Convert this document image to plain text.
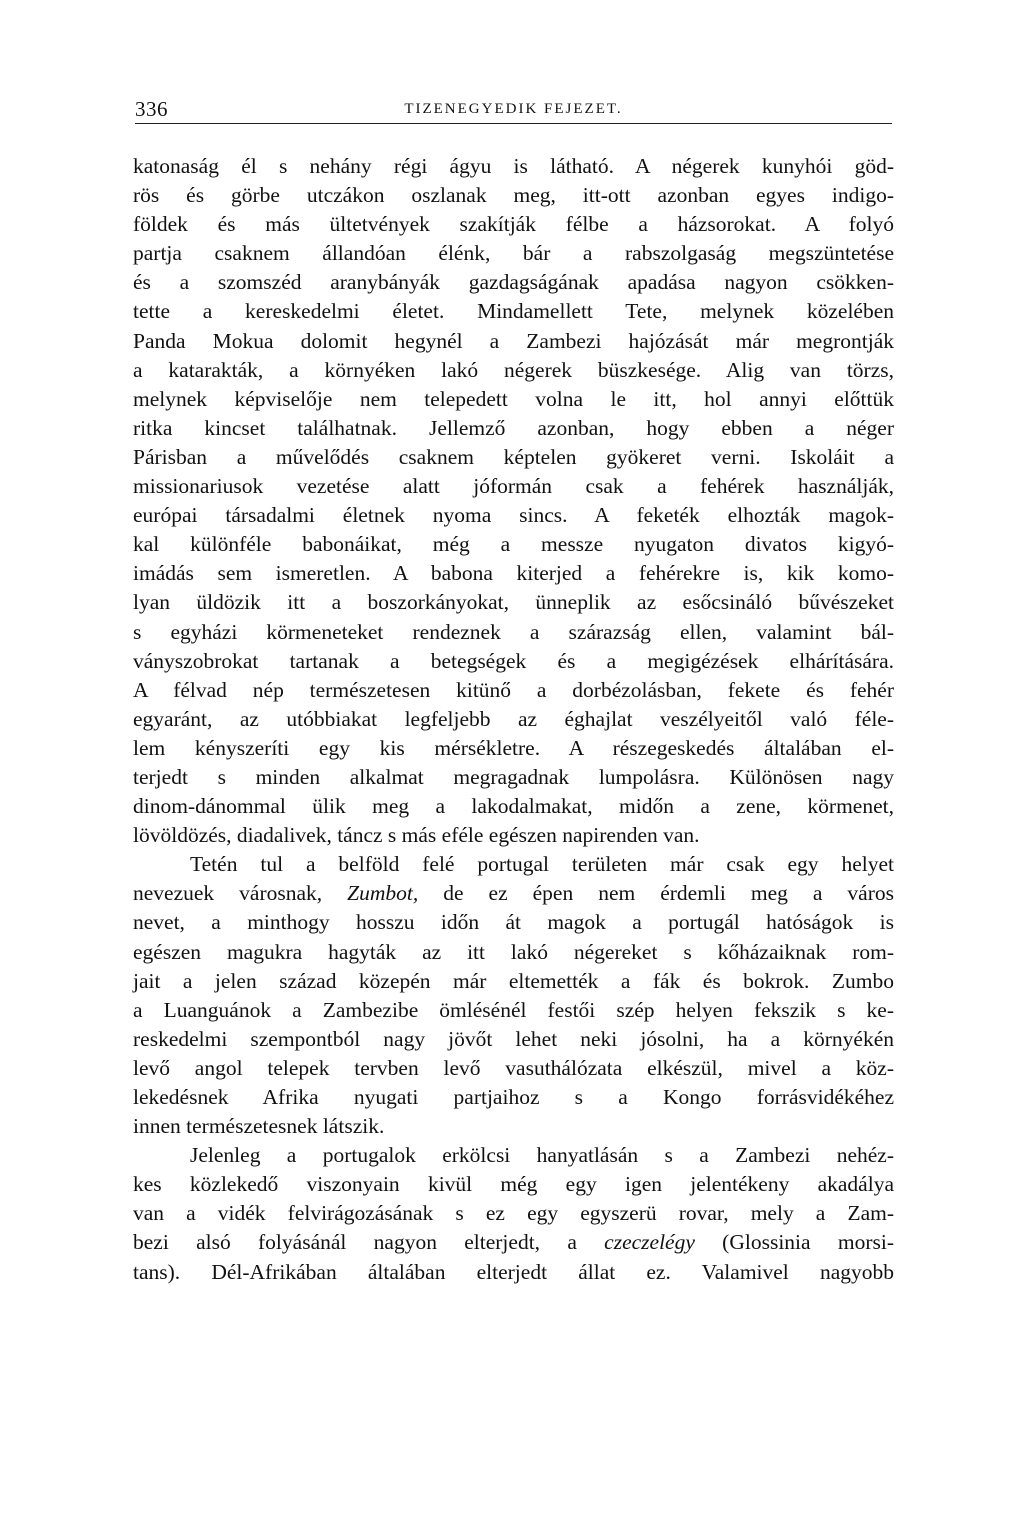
336	TIZENEGYEDIK FEJEZET.
katonaság él s nehány régi ágyu is látható. A négerek kunyhói göd-
rös és görbe utczákon oszlanak meg, itt-ott azonban egyes indigo-
földek és más ültetvények szakítják félbe a házsorokat. A folyó
partja csaknem állandóan élénk, bár a rabszolgaság megszüntetése
és a szomszéd aranybányák gazdagságának apadása nagyon csökken-
tette a kereskedelmi életet. Mindamellett Tete, melynek közelében
Panda Mokua dolomit hegynél a Zambezi hajózását már megrontják
a katarakták, a környéken lakó négerek büszkesége. Alig van törzs,
melynek képviselője nem telepedett volna le itt, hol annyi előttük
ritka kincset találhatnak. Jellemző azonban, hogy ebben a néger
Párisban a művelődés csaknem képtelen gyökeret verni. Iskoláit a
missionariusok vezetése alatt jóformán csak a fehérek használják,
európai társadalmi életnek nyoma sincs. A feketék elhozták magok-
kal különféle babonáikat, még a messze nyugaton divatos kigyó-
imádás sem ismeretlen. A babona kiterjed a fehérekre is, kik komo-
lyan üldözik itt a boszorkányokat, ünneplik az esőcsináló bűvészeket
s egyházi körmeneteket rendeznek a szárazság ellen, valamint bál-
ványszobrokat tartanak a betegségek és a megigézések elhárítására.
A félvad nép természetesen kitünő a dorbézolásban, fekete és fehér
egyaránt, az utóbbiakat legfeljebb az éghajlat veszélyeitől való féle-
lem kényszeríti egy kis mérsékletre. A részegeskedés általában el-
terjedt s minden alkalmat megragadnak lumpolásra. Különösen nagy
dinom-dánommal ülik meg a lakodalmakat, midőn a zene, körmenet,
lövöldözés, diadalivek, táncz s más eféle egészen napirenden van.
Tetén tul a belföld felé portugal területen már csak egy helyet
nevezuek városnak, Zumbot, de ez épen nem érdemli meg a város
nevet, a minthogy hosszu időn át magok a portugál hatóságok is
egészen magukra hagyták az itt lakó négereket s kőházaiknak rom-
jait a jelen század közepén már eltemették a fák és bokrok. Zumbo
a Luanguánok a Zambezibe ömlésénél festői szép helyen fekszik s ke-
reskedelmi szempontból nagy jövőt lehet neki jósolni, ha a környékén
levő angol telepek tervben levő vasuthálózata elkészül, mivel a köz-
lekedésnek Afrika nyugati partjaihoz s a Kongo forrásvidékéhez
innen természetesnek látszik.
Jelenleg a portugalok erkölcsi hanyatlásán s a Zambezi nehéz-
kes közlekedő viszonyain kivül még egy igen jelentékeny akadálya
van a vidék felvirágozásának s ez egy egyszerü rovar, mely a Zam-
bezi alsó folyásánál nagyon elterjedt, a czeczelégy (Glossinia morsi-
tans). Dél-Afrikában általában elterjedt állat ez. Valamivel nagyobb
